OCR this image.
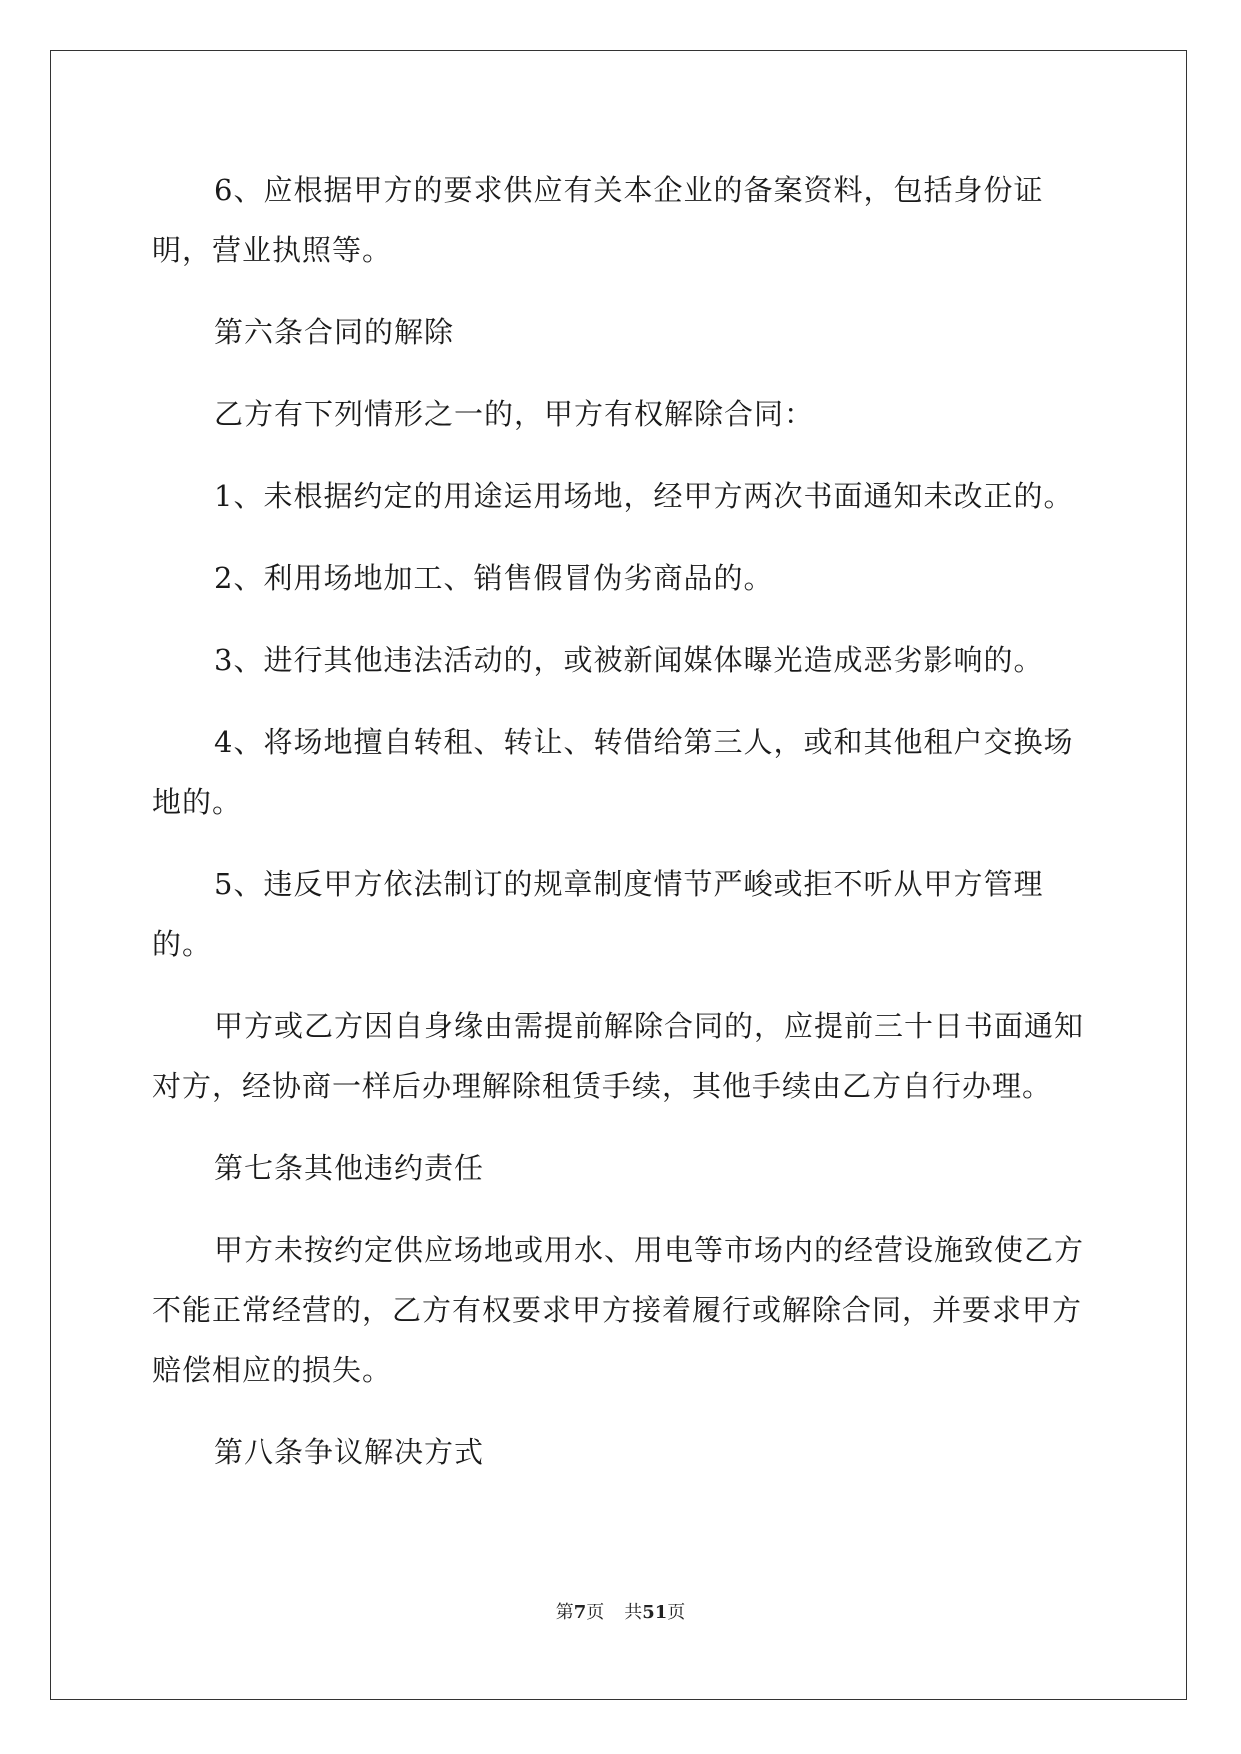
6、应根据甲方的要求供应有关本企业的备案资料，包括身份证明，营业执照等。

第六条合同的解除

乙方有下列情形之一的，甲方有权解除合同：

1、未根据约定的用途运用场地，经甲方两次书面通知未改正的。

2、利用场地加工、销售假冒伪劣商品的。

3、进行其他违法活动的，或被新闻媒体曝光造成恶劣影响的。

4、将场地擅自转租、转让、转借给第三人，或和其他租户交换场地的。

5、违反甲方依法制订的规章制度情节严峻或拒不听从甲方管理的。

甲方或乙方因自身缘由需提前解除合同的，应提前三十日书面通知对方，经协商一样后办理解除租赁手续，其他手续由乙方自行办理。

第七条其他违约责任

甲方未按约定供应场地或用水、用电等市场内的经营设施致使乙方不能正常经营的，乙方有权要求甲方接着履行或解除合同，并要求甲方赔偿相应的损失。

第八条争议解决方式

第7页 共51页
